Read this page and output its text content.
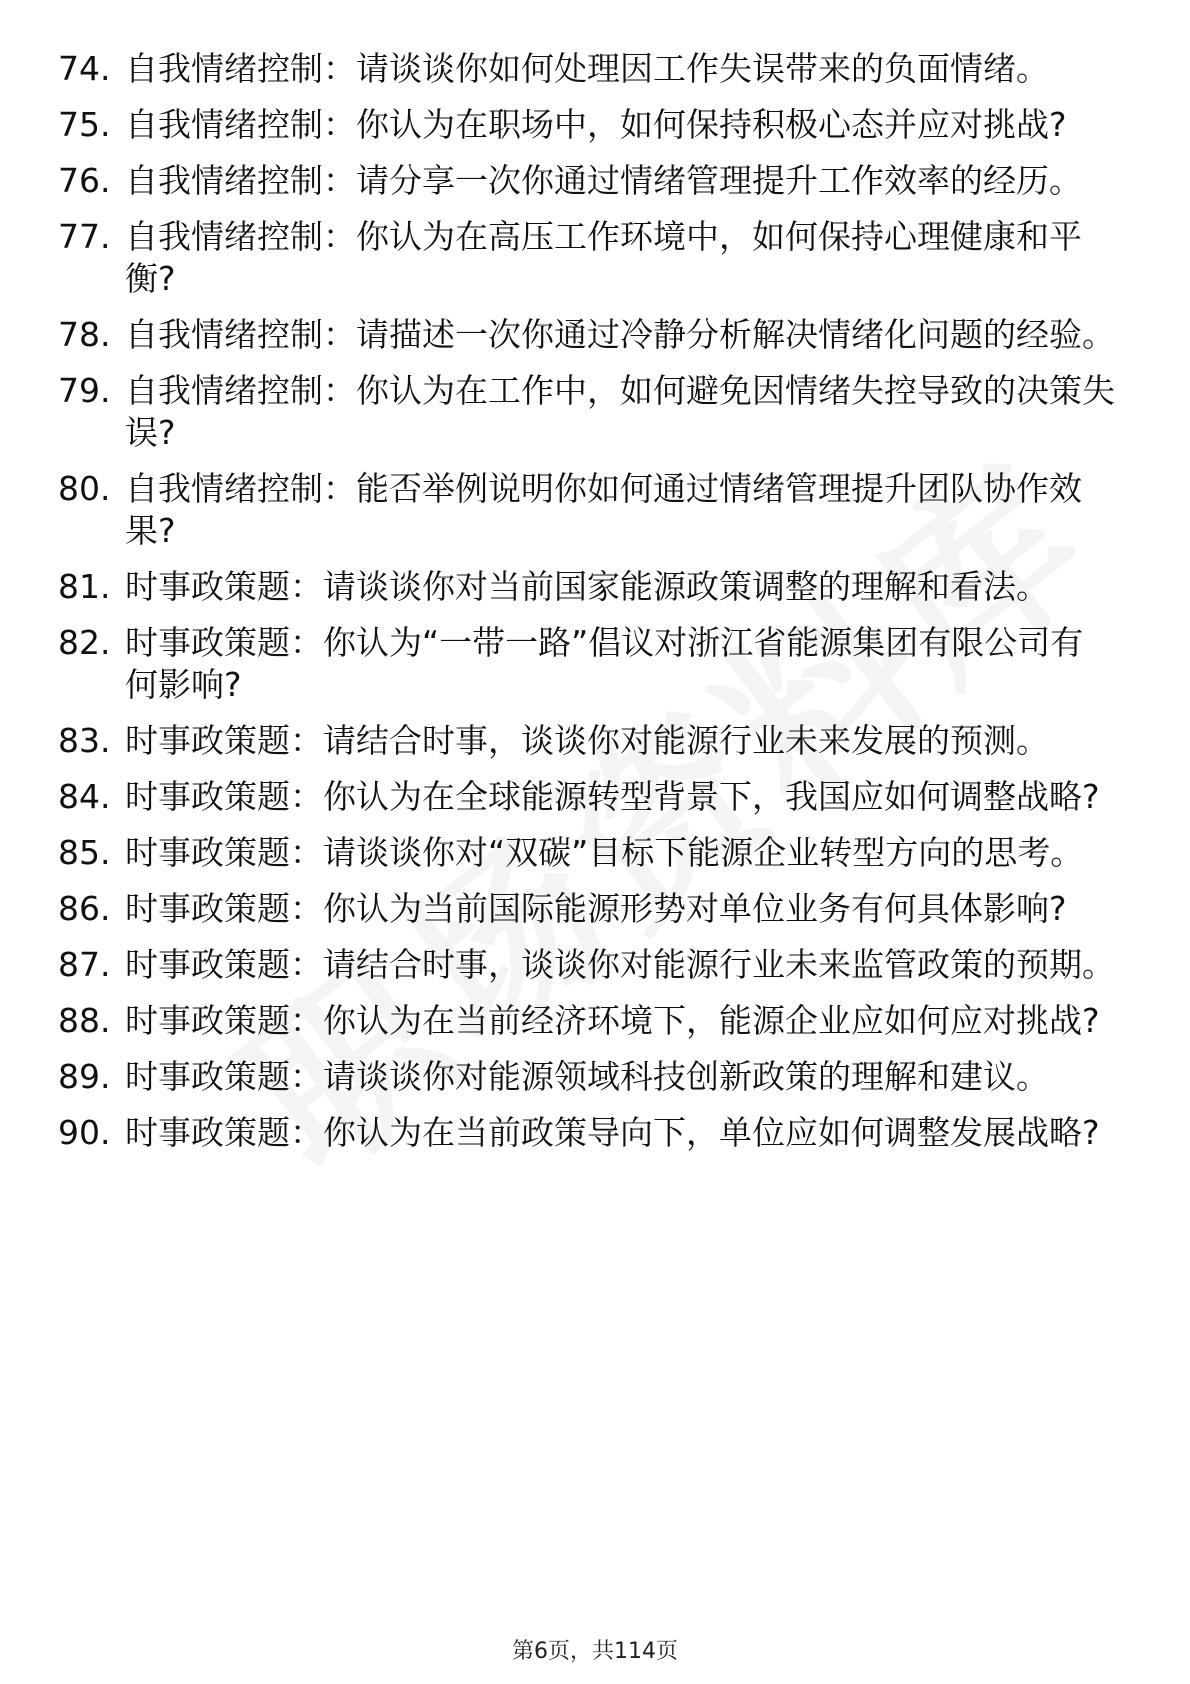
74. 自我情绪控制：请谈谈你如何处理因工作失误带来的负面情绪。
75. 自我情绪控制：你认为在职场中，如何保持积极心态并应对挑战?
76. 自我情绪控制：请分享一次你通过情绪管理提升工作效率的经历。
77. 自我情绪控制：你认为在高压工作环境中，如何保持心理健康和平衡?
78. 自我情绪控制：请描述一次你通过冷静分析解决情绪化问题的经验。
79. 自我情绪控制：你认为在工作中，如何避免因情绪失控导致的决策失误?
80. 自我情绪控制：能否举例说明你如何通过情绪管理提升团队协作效果?
81. 时事政策题：请谈谈你对当前国家能源政策调整的理解和看法。
82. 时事政策题：你认为“一带一路”倡议对浙江省能源集团有限公司有何影响?
83. 时事政策题：请结合时事，谈谈你对能源行业未来发展的预测。
84. 时事政策题：你认为在全球能源转型背景下，我国应如何调整战略?
85. 时事政策题：请谈谈你对“双碳”目标下能源企业转型方向的思考。
86. 时事政策题：你认为当前国际能源形势对单位业务有何具体影响?
87. 时事政策题：请结合时事，谈谈你对能源行业未来监管政策的预期。
88. 时事政策题：你认为在当前经济环境下，能源企业应如何应对挑战?
89. 时事政策题：请谈谈你对能源领域科技创新政策的理解和建议。
90. 时事政策题：你认为在当前政策导向下，单位应如何调整发展战略?
第6页，共114页
